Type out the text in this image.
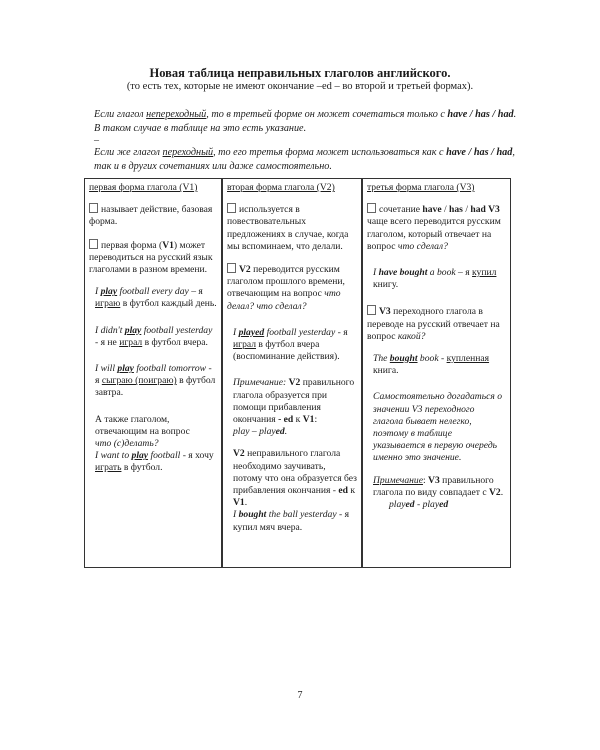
Новая таблица неправильных глаголов английского.
(то есть тех, которые не имеют окончание –ed – во второй и третьей формах).
Если глагол непереходный, то в третьей форме он может сочетаться только с have / has / had. В таком случае в таблице на это есть указание.
–
Если же глагол переходный, то его третья форма может использоваться как с have / has / had, так и в других сочетаниях или даже самостоятельно.
первая форма глагола (V1)
называет действие, базовая форма.
первая форма (V1) может переводиться на русский язык глаголами в разном времени.
I play football every day – я играю в футбол каждый день.
I didn't play football yesterday - я не играл в футбол вчера.
I will play football tomorrow - я сыграю (поиграю) в футбол завтра.
А также глаголом, отвечающим на вопрос
что (с)делать?
I want to play football - я хочу играть в футбол.
вторая форма глагола (V2)
используется в повествовательных предложениях в случае, когда мы вспоминаем, что делали.
V2 переводится русским глаголом прошлого времени, отвечающим на вопрос что делал? что сделал?
I played football yesterday - я играл в футбол вчера (воспоминание действия).
Примечание: V2 правильного глагола образуется при помощи прибавления окончания - ed к V1:
play – played.
V2 неправильного глагола необходимо заучивать, потому что она образуется без прибавления окончания - ed к V1.
I bought the ball yesterday - я купил мяч вчера.
третья форма глагола (V3)
сочетание have / has / had V3 чаще всего переводится русским глаголом, который отвечает на вопрос что сделал?
I have bought a book – я купил книгу.
V3 переходного глагола в переводе на русский отвечает на вопрос какой?
The bought book - купленная книга.
Самостоятельно догадаться о значении V3 переходного глагола бывает нелегко, поэтому в таблице указывается в первую очередь именно это значение.
Примечание: V3 правильного глагола по виду совпадает с V2.
played - played
7
